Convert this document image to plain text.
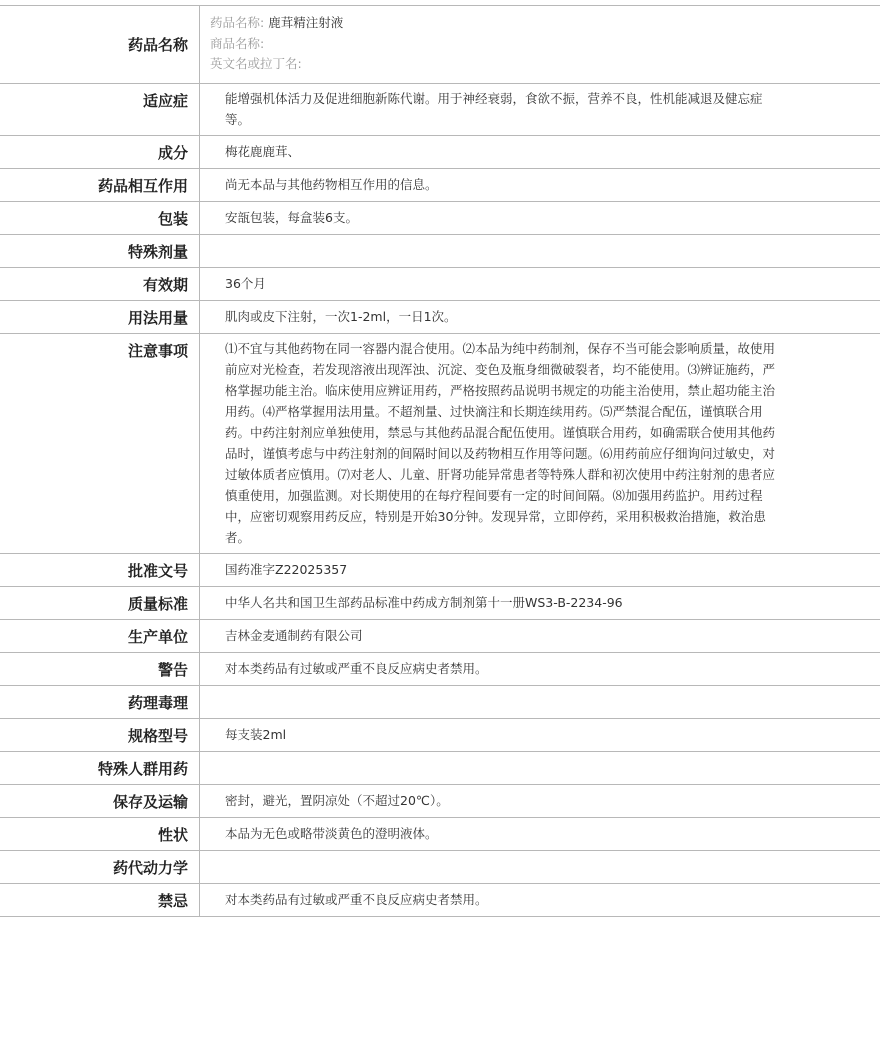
药品名称
药品名称: 鹿茸精注射液
商品名称:
英文名或拉丁名:
适应症	能增强机体活力及促进细胞新陈代谢。用于神经衰弱，食欲不振，营养不良，性机能减退及健忘症等。
成分	梅花鹿鹿茸、
药品相互作用	尚无本品与其他药物相互作用的信息。
包装	安瓿包装，每盒装6支。
特殊剂量
有效期	36个月
用法用量	肌肉或皮下注射，一次1-2ml，一日1次。
注意事项	⑴不宜与其他药物在同一容器内混合使用。⑵本品为纯中药制剂，保存不当可能会影响质量，故使用前应对光检查，若发现溶液出现浑浊、沉淀、变色及瓶身细微破裂者，均不能使用。⑶辨证施药，严格掌握功能主治。临床使用应辨证用药，严格按照药品说明书规定的功能主治使用，禁止超功能主治用药。⑷严格掌握用法用量。不超剂量、过快滴注和长期连续用药。⑸严禁混合配伍，谨慎联合用药。中药注射剂应单独使用，禁忌与其他药品混合配伍使用。谨慎联合用药，如确需联合使用其他药品时，谨慎考虑与中药注射剂的间隔时间以及药物相互作用等问题。⑹用药前应仔细询问过敏史，对过敏体质者应慎用。⑺对老人、儿童、肝肾功能异常患者等特殊人群和初次使用中药注射剂的患者应慎重使用，加强监测。对长期使用的在每疗程间要有一定的时间间隔。⑻加强用药监护。用药过程中，应密切观察用药反应，特别是开始30分钟。发现异常，立即停药，采用积极救治措施，救治患者。
批准文号	国药准字Z22025357
质量标准	中华人名共和国卫生部药品标准中药成方制剂第十一册WS3-B-2234-96
生产单位	吉林金麦通制药有限公司
警告	对本类药品有过敏或严重不良反应病史者禁用。
药理毒理
规格型号	每支装2ml
特殊人群用药
保存及运输	密封，避光，置阴凉处（不超过20℃）。
性状	本品为无色或略带淡黄色的澄明液体。
药代动力学
禁忌	对本类药品有过敏或严重不良反应病史者禁用。
